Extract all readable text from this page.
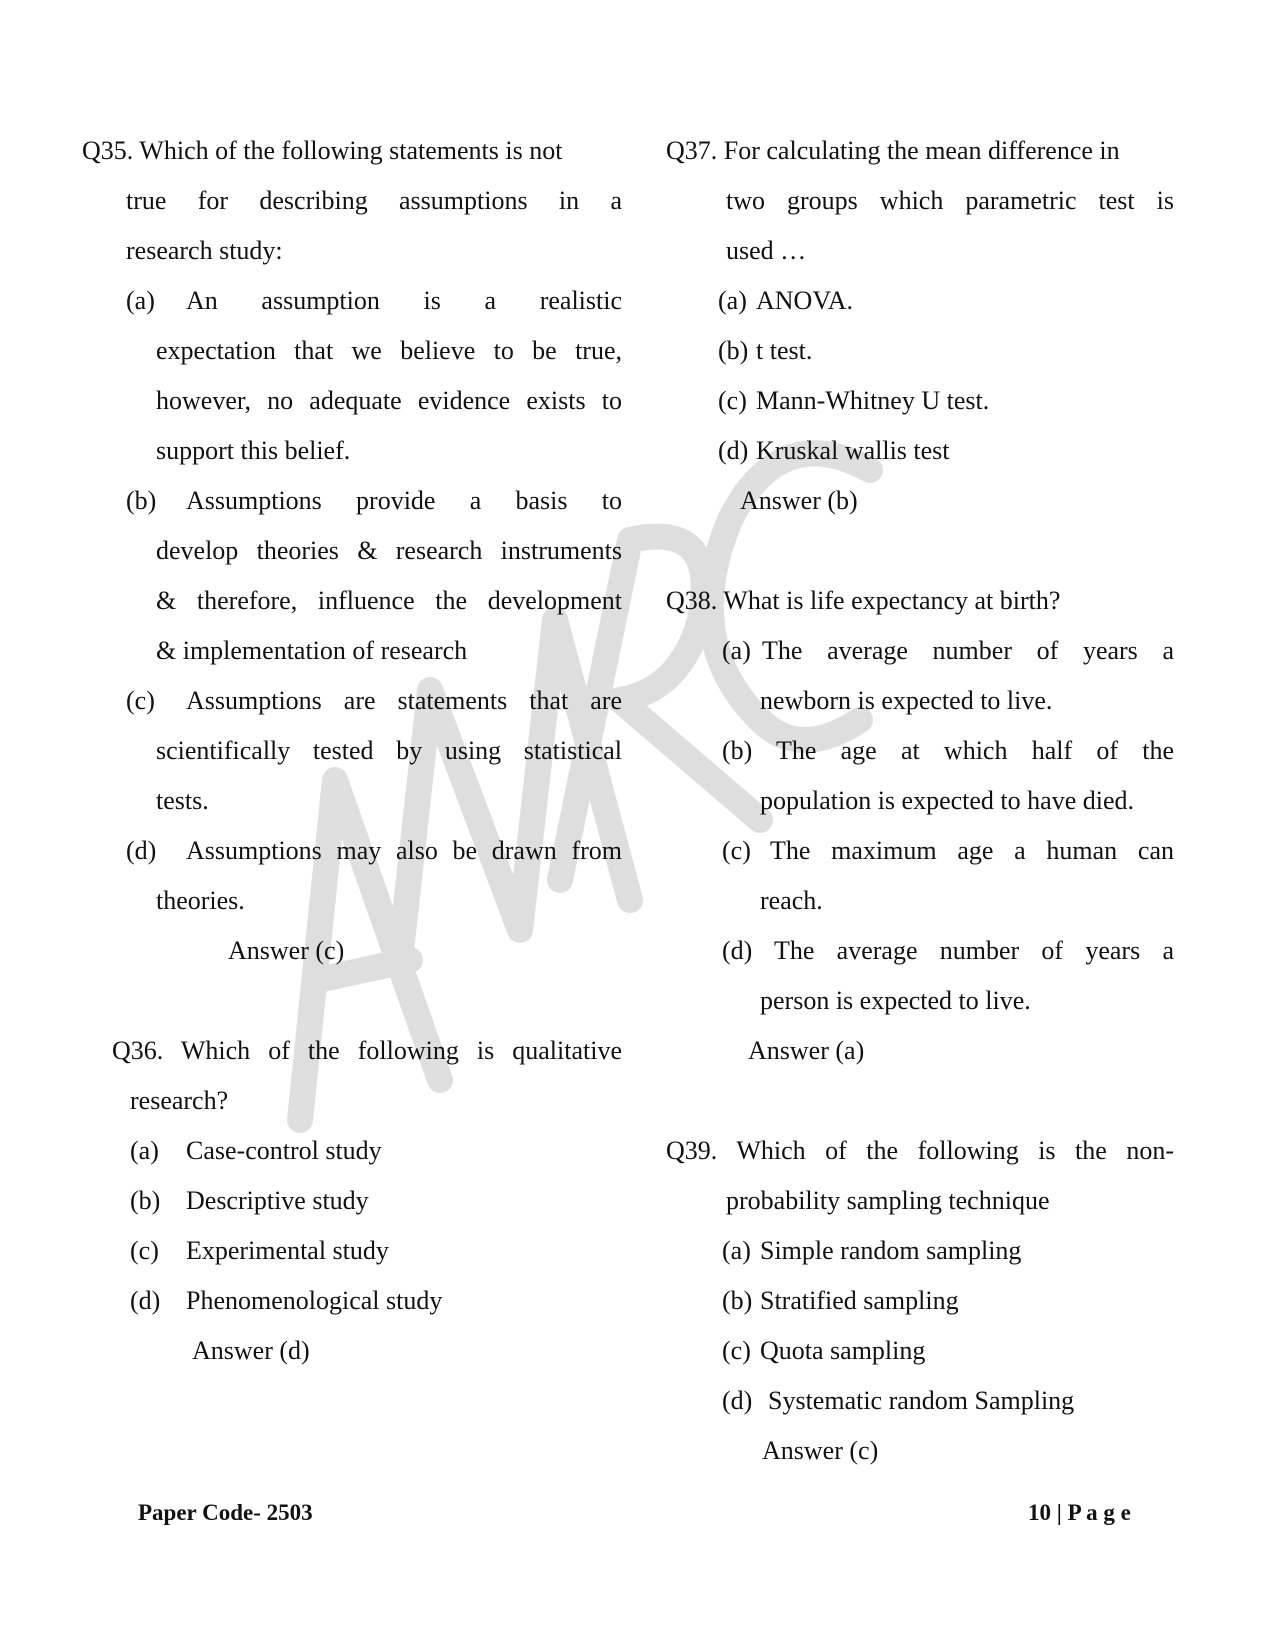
Q35. Which of the following statements is not
true for describing assumptions in a
research study:
(a) An assumption is a realistic
expectation that we believe to be true,
however, no adequate evidence exists to
support this belief.
(b) Assumptions provide a basis to
develop theories & research instruments
& therefore, influence the development
& implementation of research
(c) Assumptions are statements that are
scientifically tested by using statistical
tests.
(d) Assumptions may also be drawn from
theories.
Answer (c)
Q36. Which of the following is qualitative
research?
(a) Case-control study
(b) Descriptive study
(c) Experimental study
(d) Phenomenological study
Answer (d)
Q37. For calculating the mean difference in
two groups which parametric test is
used …
(a) ANOVA.
(b) t test.
(c) Mann-Whitney U test.
(d) Kruskal wallis test
Answer (b)
Q38. What is life expectancy at birth?
(a) The average number of years a
newborn is expected to live.
(b) The age at which half of the
population is expected to have died.
(c) The maximum age a human can
reach.
(d) The average number of years a
person is expected to live.
Answer (a)
Q39. Which of the following is the non-
probability sampling technique
(a) Simple random sampling
(b) Stratified sampling
(c) Quota sampling
(d) Systematic random Sampling
Answer (c)
Paper Code- 2503	10 | P a g e
